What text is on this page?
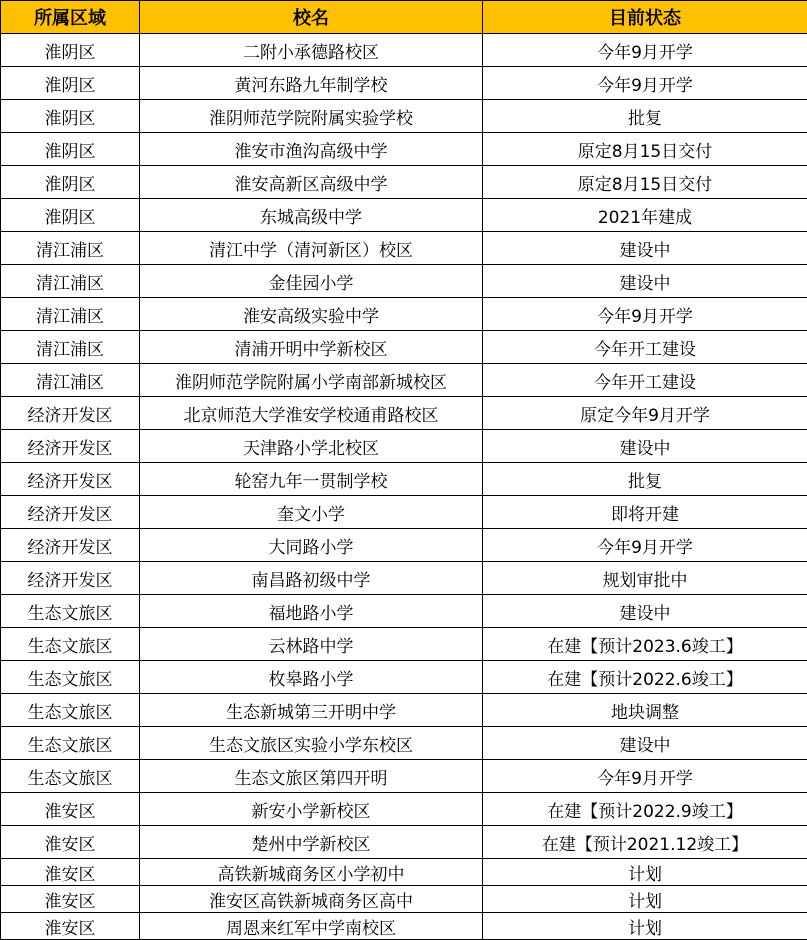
所属区域	校名	目前状态
淮阴区	二附小承德路校区	今年9月开学
淮阴区	黄河东路九年制学校	今年9月开学
淮阴区	淮阴师范学院附属实验学校	批复
淮阴区	淮安市渔沟高级中学	原定8月15日交付
淮阴区	淮安高新区高级中学	原定8月15日交付
淮阴区	东城高级中学	2021年建成
清江浦区	清江中学（清河新区）校区	建设中
清江浦区	金佳园小学	建设中
清江浦区	淮安高级实验中学	今年9月开学
清江浦区	清浦开明中学新校区	今年开工建设
清江浦区	淮阴师范学院附属小学南部新城校区	今年开工建设
经济开发区	北京师范大学淮安学校通甫路校区	原定今年9月开学
经济开发区	天津路小学北校区	建设中
经济开发区	轮窑九年一贯制学校	批复
经济开发区	奎文小学	即将开建
经济开发区	大同路小学	今年9月开学
经济开发区	南昌路初级中学	规划审批中
生态文旅区	福地路小学	建设中
生态文旅区	云林路中学	在建【预计2023.6竣工】
生态文旅区	枚皋路小学	在建【预计2022.6竣工】
生态文旅区	生态新城第三开明中学	地块调整
生态文旅区	生态文旅区实验小学东校区	建设中
生态文旅区	生态文旅区第四开明	今年9月开学
淮安区	新安小学新校区	在建【预计2022.9竣工】
淮安区	楚州中学新校区	在建【预计2021.12竣工】
淮安区	高铁新城商务区小学初中	计划
淮安区	淮安区高铁新城商务区高中	计划
淮安区	周恩来红军中学南校区	计划
